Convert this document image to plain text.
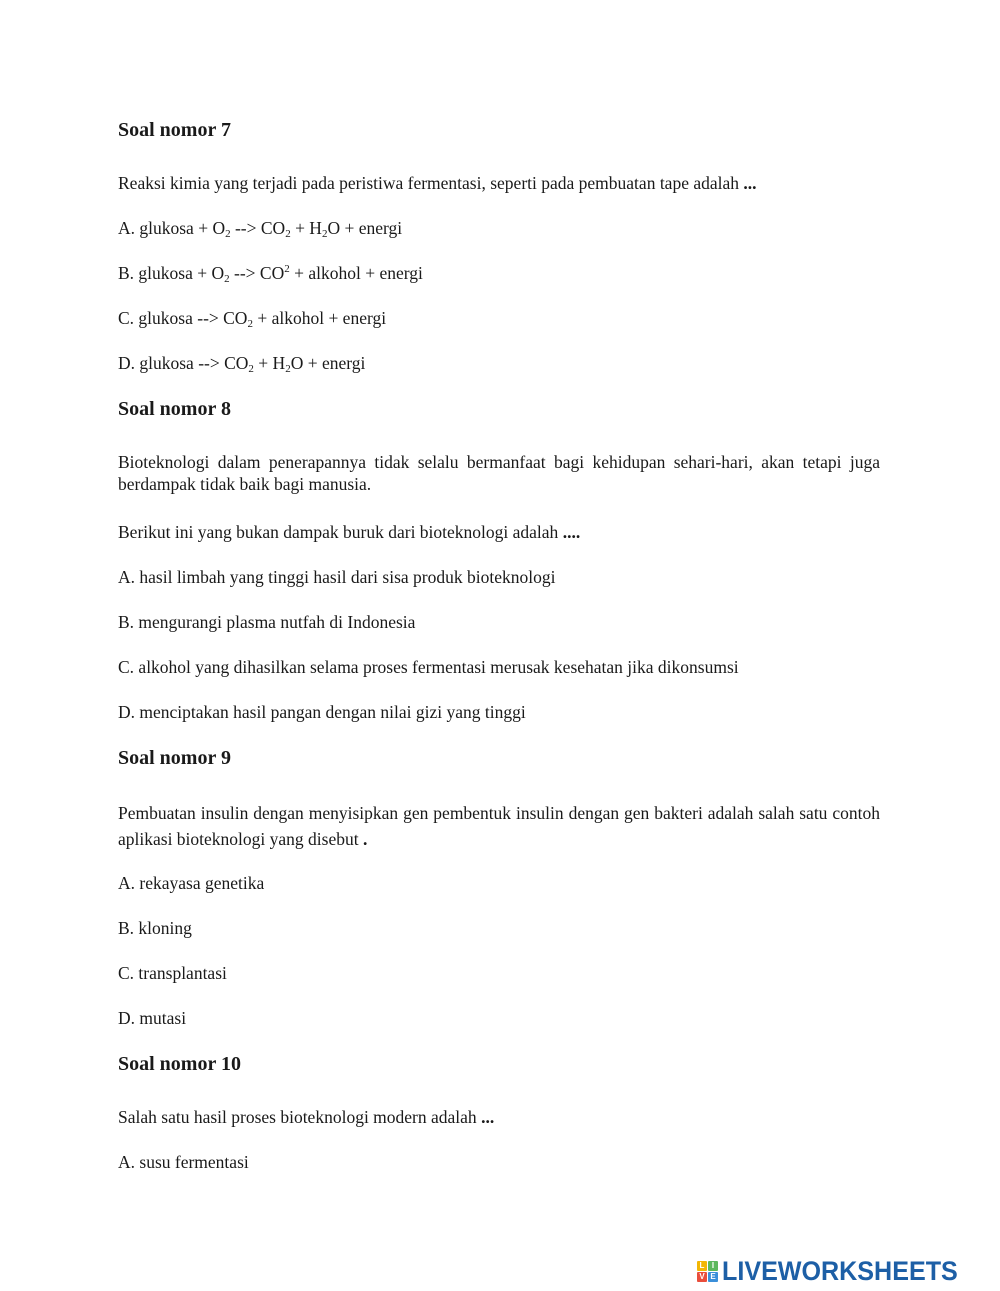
Soal nomor 7

Reaksi kimia yang terjadi pada peristiwa fermentasi, seperti pada pembuatan tape adalah ...

A. glukosa + $O_2$ --> $CO_2 + H_2O$ + energi

B. glukosa + $O_2$ --> $CO^2$ + alkohol + energi

C. glukosa --> $CO_2$ + alkohol + energi

D. glukosa --> $CO_2 + H_2O$ + energi

Soal nomor 8

Bioteknologi dalam penerapannya tidak selalu bermanfaat bagi kehidupan sehari-hari, akan tetapi juga berdampak tidak baik bagi manusia.

Berikut ini yang bukan dampak buruk dari bioteknologi adalah ....

A. hasil limbah yang tinggi hasil dari sisa produk bioteknologi

B. mengurangi plasma nutfah di Indonesia

C. alkohol yang dihasilkan selama proses fermentasi merusak kesehatan jika dikonsumsi

D. menciptakan hasil pangan dengan nilai gizi yang tinggi

Soal nomor 9

Pembuatan insulin dengan menyisipkan gen pembentuk insulin dengan gen bakteri adalah salah satu contoh aplikasi bioteknologi yang disebut .

A. rekayasa genetika

B. kloning

C. transplantasi

D. mutasi

Soal nomor 10

Salah satu hasil proses bioteknologi modern adalah ...

A. susu fermentasi

L I
V E LIVEWORKSHEETS
